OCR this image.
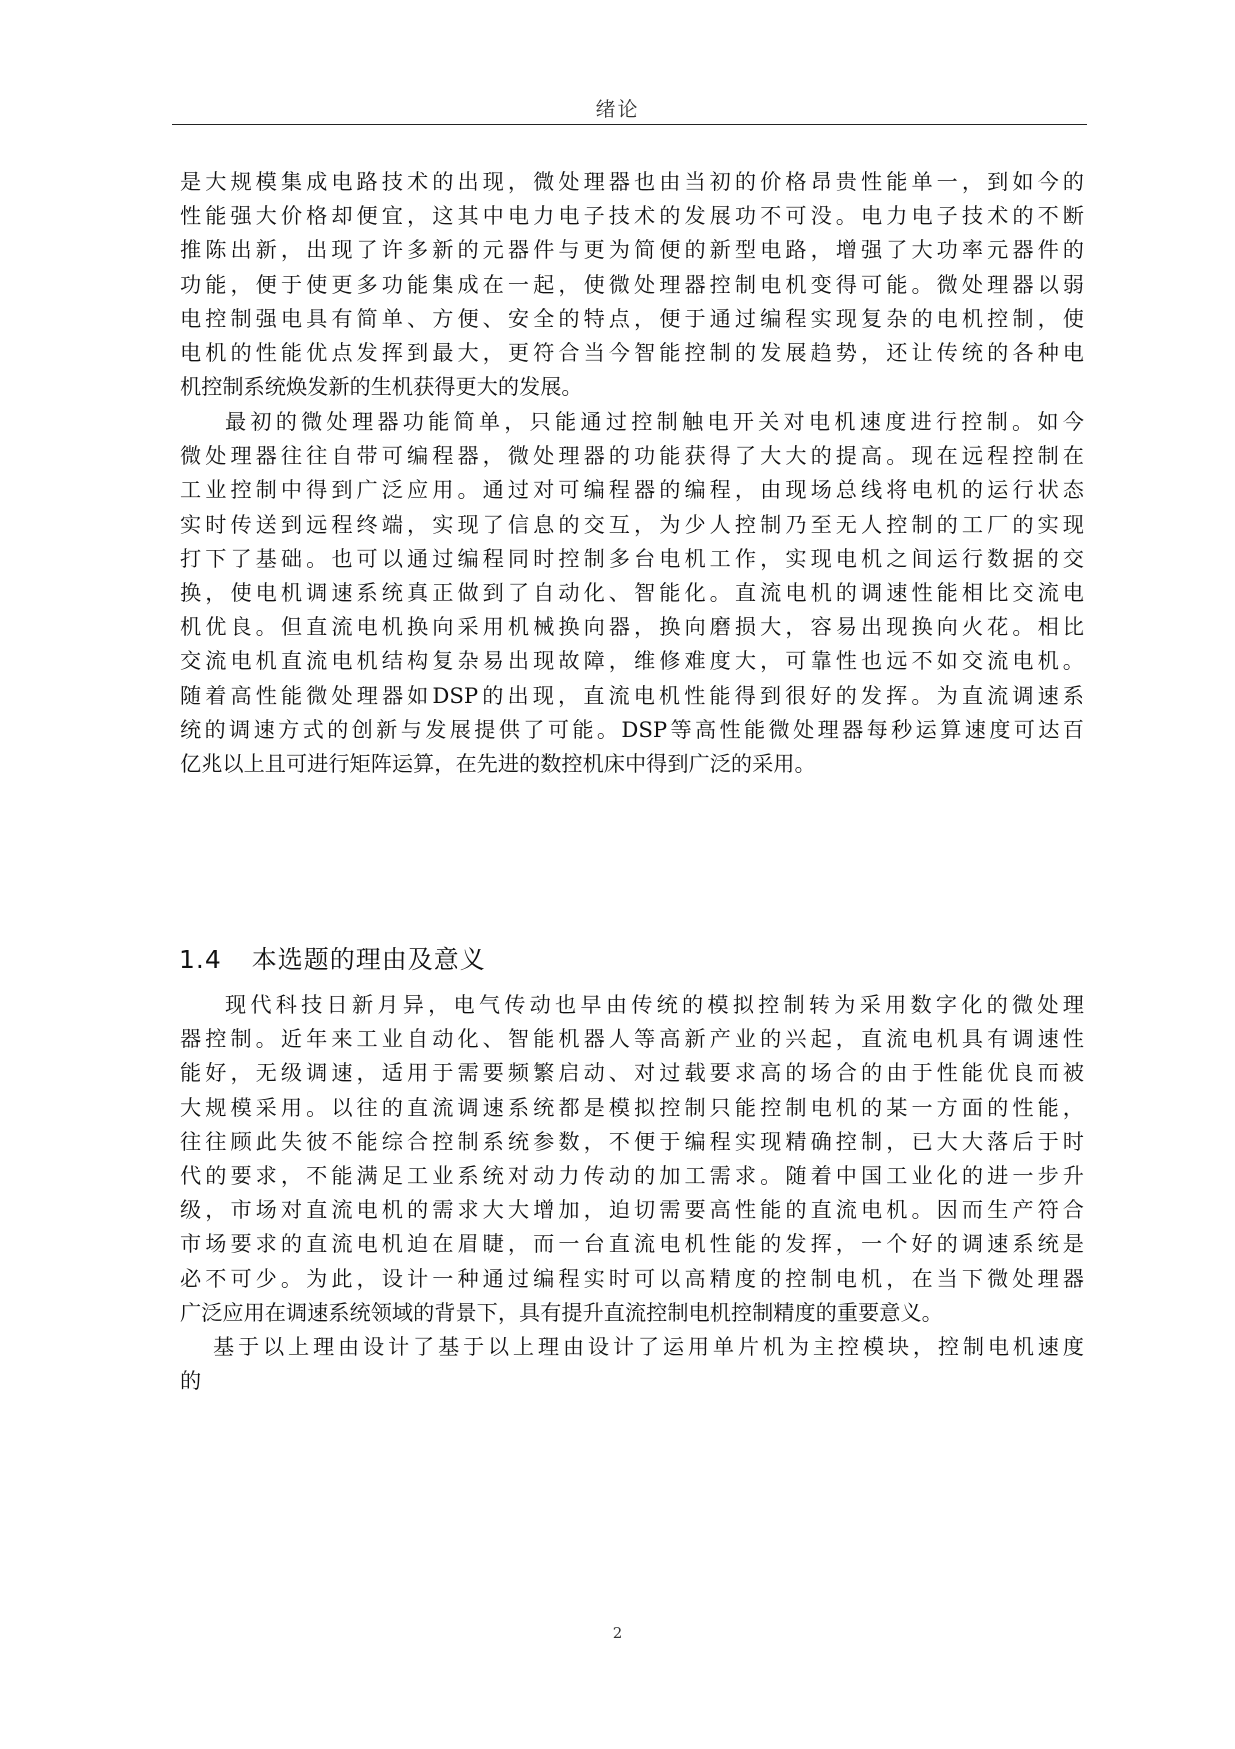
绪论
是大规模集成电路技术的出现，微处理器也由当初的价格昂贵性能单一，到如今的
性能强大价格却便宜，这其中电力电子技术的发展功不可没。电力电子技术的不断
推陈出新，出现了许多新的元器件与更为简便的新型电路，增强了大功率元器件的
功能，便于使更多功能集成在一起，使微处理器控制电机变得可能。微处理器以弱
电控制强电具有简单、方便、安全的特点，便于通过编程实现复杂的电机控制，使
电机的性能优点发挥到最大，更符合当今智能控制的发展趋势，还让传统的各种电
机控制系统焕发新的生机获得更大的发展。
最初的微处理器功能简单，只能通过控制触电开关对电机速度进行控制。如今
微处理器往往自带可编程器，微处理器的功能获得了大大的提高。现在远程控制在
工业控制中得到广泛应用。通过对可编程器的编程，由现场总线将电机的运行状态
实时传送到远程终端，实现了信息的交互，为少人控制乃至无人控制的工厂的实现
打下了基础。也可以通过编程同时控制多台电机工作，实现电机之间运行数据的交
换，使电机调速系统真正做到了自动化、智能化。直流电机的调速性能相比交流电
机优良。但直流电机换向采用机械换向器，换向磨损大，容易出现换向火花。相比
交流电机直流电机结构复杂易出现故障，维修难度大，可靠性也远不如交流电机。
随着高性能微处理器如DSP的出现，直流电机性能得到很好的发挥。为直流调速系
统的调速方式的创新与发展提供了可能。DSP等高性能微处理器每秒运算速度可达百
亿兆以上且可进行矩阵运算，在先进的数控机床中得到广泛的采用。
1.4 本选题的理由及意义
现代科技日新月异，电气传动也早由传统的模拟控制转为采用数字化的微处理
器控制。近年来工业自动化、智能机器人等高新产业的兴起，直流电机具有调速性
能好，无级调速，适用于需要频繁启动、对过载要求高的场合的由于性能优良而被
大规模采用。以往的直流调速系统都是模拟控制只能控制电机的某一方面的性能，
往往顾此失彼不能综合控制系统参数，不便于编程实现精确控制，已大大落后于时
代的要求，不能满足工业系统对动力传动的加工需求。随着中国工业化的进一步升
级，市场对直流电机的需求大大增加，迫切需要高性能的直流电机。因而生产符合
市场要求的直流电机迫在眉睫，而一台直流电机性能的发挥，一个好的调速系统是
必不可少。为此，设计一种通过编程实时可以高精度的控制电机，在当下微处理器
广泛应用在调速系统领域的背景下，具有提升直流控制电机控制精度的重要意义。
基于以上理由设计了基于以上理由设计了运用单片机为主控模块，控制电机速度
的
2
